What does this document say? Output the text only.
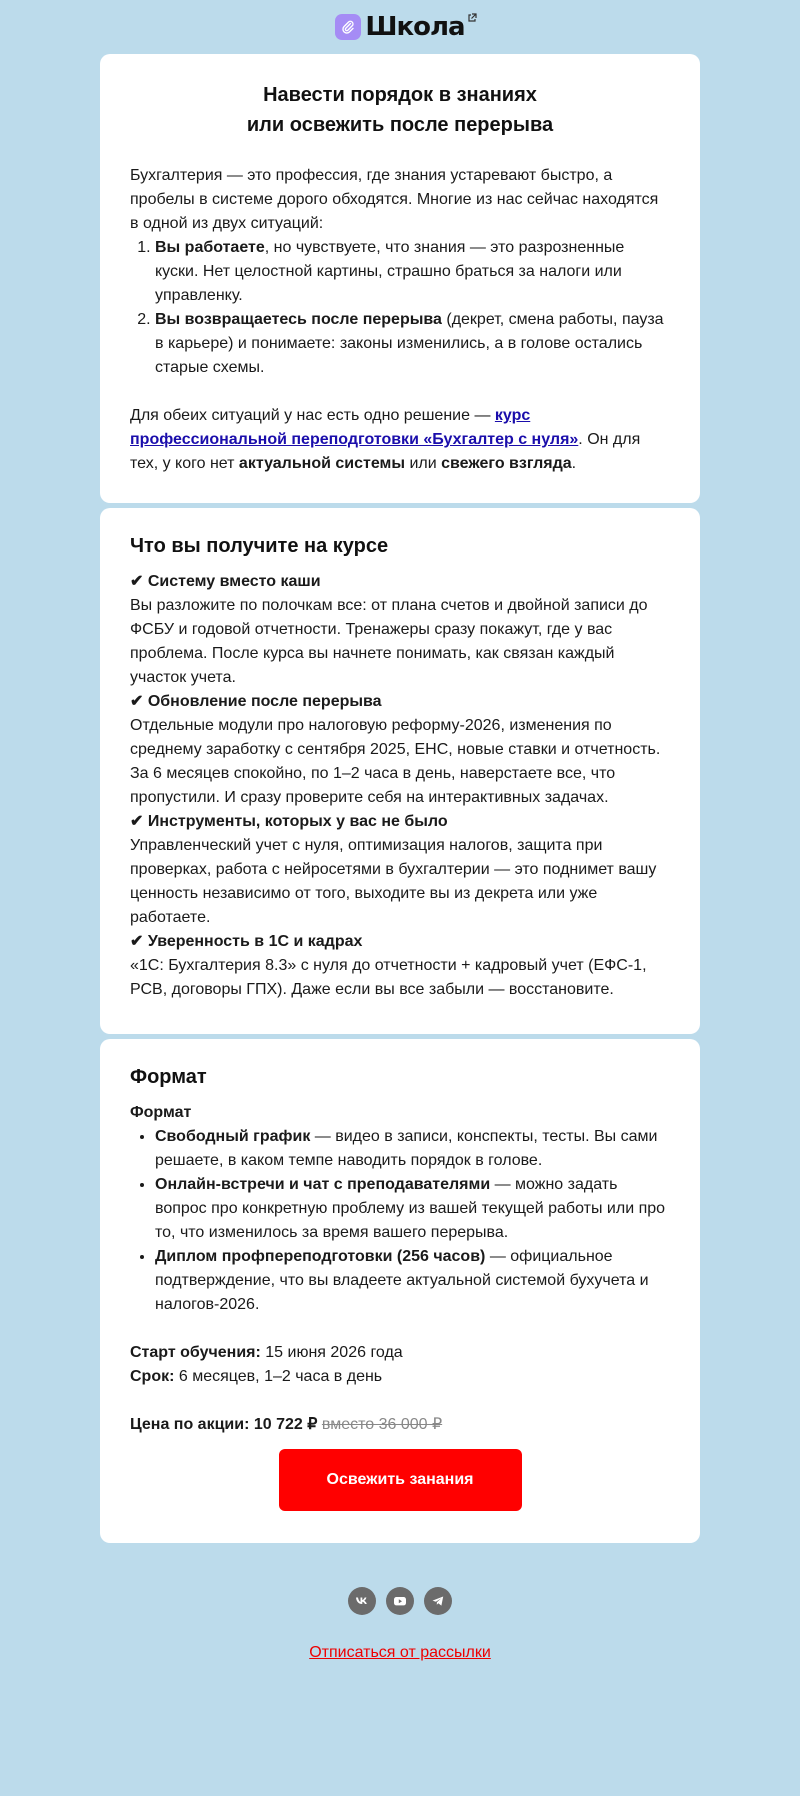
Школа
Навести порядок в знаниях
или освежить после перерыва

Бухгалтерия — это профессия, где знания устаревают быстро, а пробелы в системе дорого обходятся. Многие из нас сейчас находятся в одной из двух ситуаций:

1. Вы работаете, но чувствуете, что знания — это разрозненные куски. Нет целостной картины, страшно браться за налоги или управленку.
2. Вы возвращаетесь после перерыва (декрет, смена работы, пауза в карьере) и понимаете: законы изменились, а в голове остались старые схемы.

Для обеих ситуаций у нас есть одно решение — курс профессиональной переподготовки «Бухгалтер с нуля». Он для тех, у кого нет актуальной системы или свежего взгляда.

Что вы получите на курсе
✔ Систему вместо каши

Вы разложите по полочкам все: от плана счетов и двойной записи до ФСБУ и годовой отчетности. Тренажеры сразу покажут, где у вас проблема. После курса вы начнете понимать, как связан каждый участок учета.

✔ Обновление после перерыва

Отдельные модули про налоговую реформу-2026, изменения по среднему заработку с сентября 2025, ЕНС, новые ставки и отчетность. За 6 месяцев спокойно, по 1–2 часа в день, наверстаете все, что пропустили. И сразу проверите себя на интерактивных задачах.

✔ Инструменты, которых у вас не было

Управленческий учет с нуля, оптимизация налогов, защита при проверках, работа с нейросетями в бухгалтерии — это поднимет вашу ценность независимо от того, выходите вы из декрета или уже работаете.

✔ Уверенность в 1С и кадрах

«1С: Бухгалтерия 8.3» с нуля до отчетности + кадровый учет (ЕФС-1, РСВ, договоры ГПХ). Даже если вы все забыли — восстановите.

Формат
Формат
• Свободный график — видео в записи, конспекты, тесты. Вы сами решаете, в каком темпе наводить порядок в голове.
• Онлайн-встречи и чат с преподавателями — можно задать вопрос про конкретную проблему из вашей текущей работы или про то, что изменилось за время вашего перерыва.
• Диплом профпереподготовки (256 часов) — официальное подтверждение, что вы владеете актуальной системой бухучета и налогов-2026.

Старт обучения: 15 июня 2026 года

Срок: 6 месяцев, 1–2 часа в день

Цена по акции: 10 722 ₽ вместо 36 000 ₽

Освежить занания
Отписаться от рассылки
